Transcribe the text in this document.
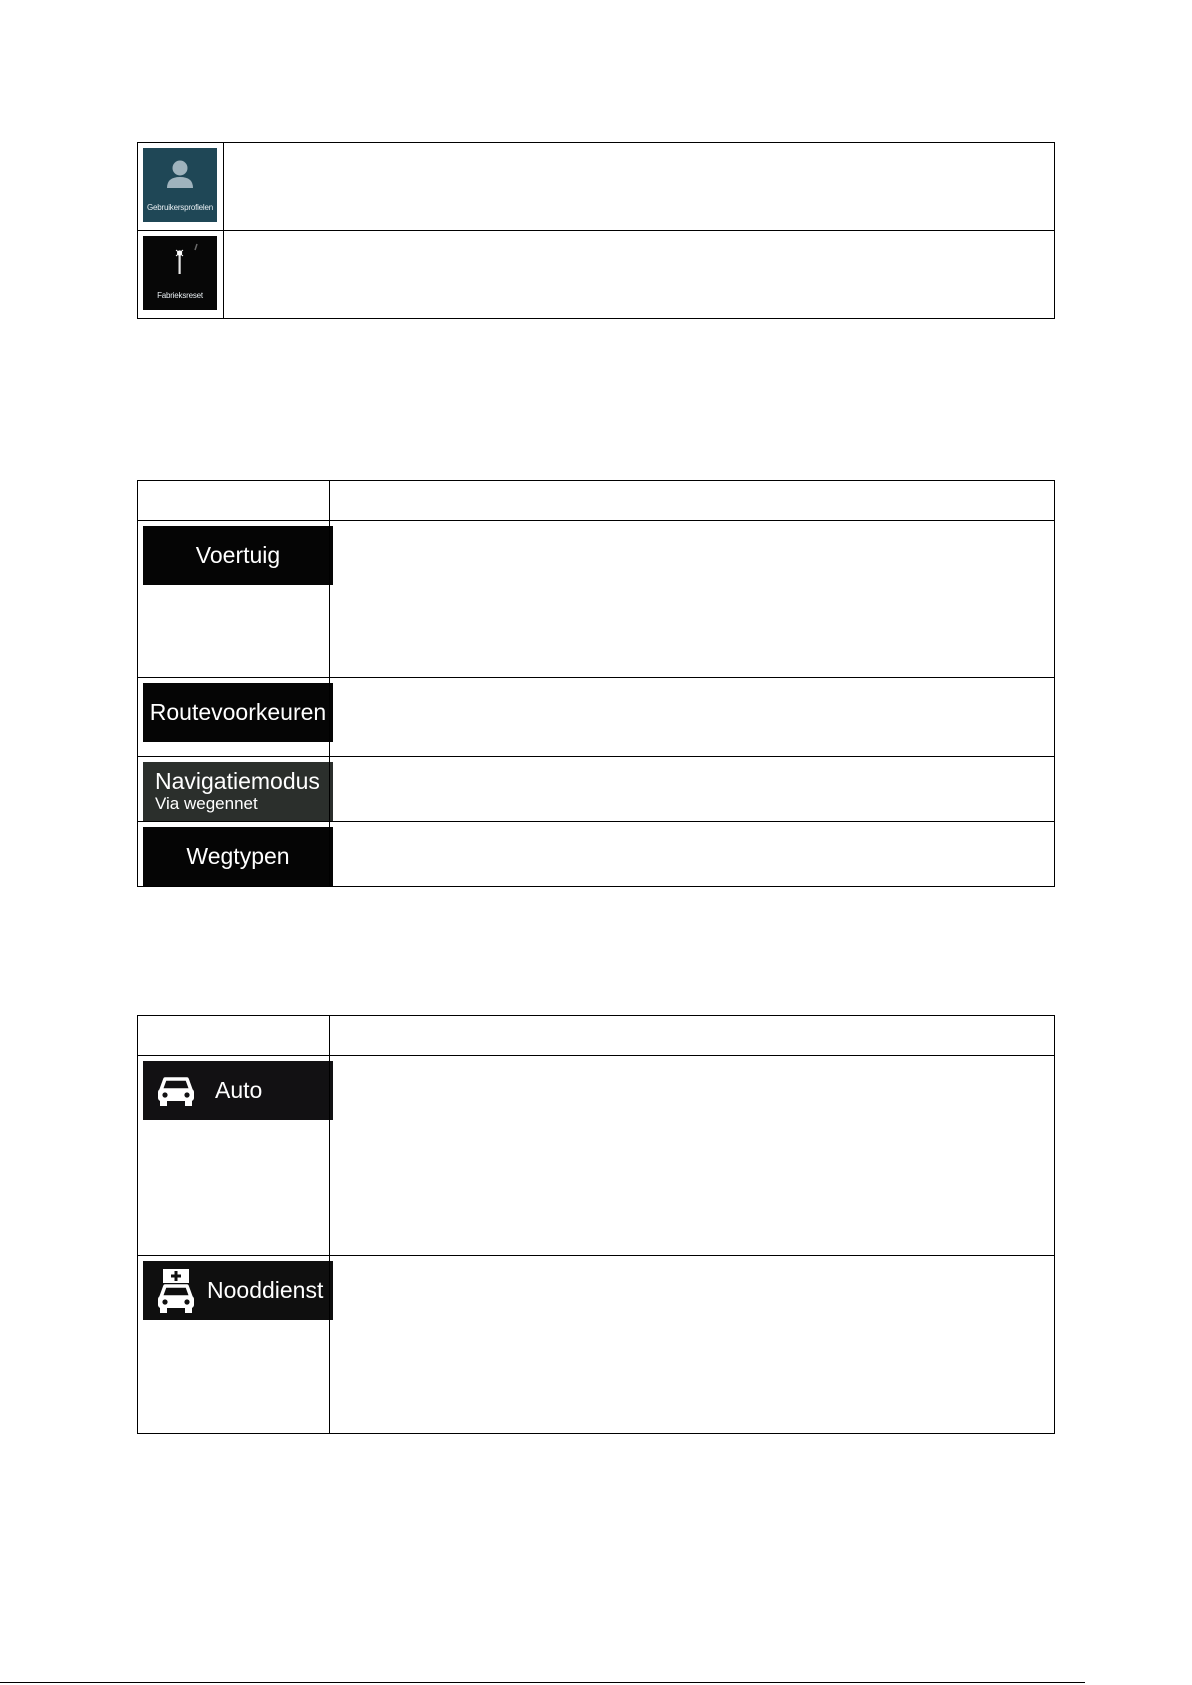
Gebruikersprofielen	

Fabrieksreset	

Voertuig	

Routevoorkeuren	

Navigatiemodus
Via wegennet	

Wegtypen	

Auto	

Nooddienst	
